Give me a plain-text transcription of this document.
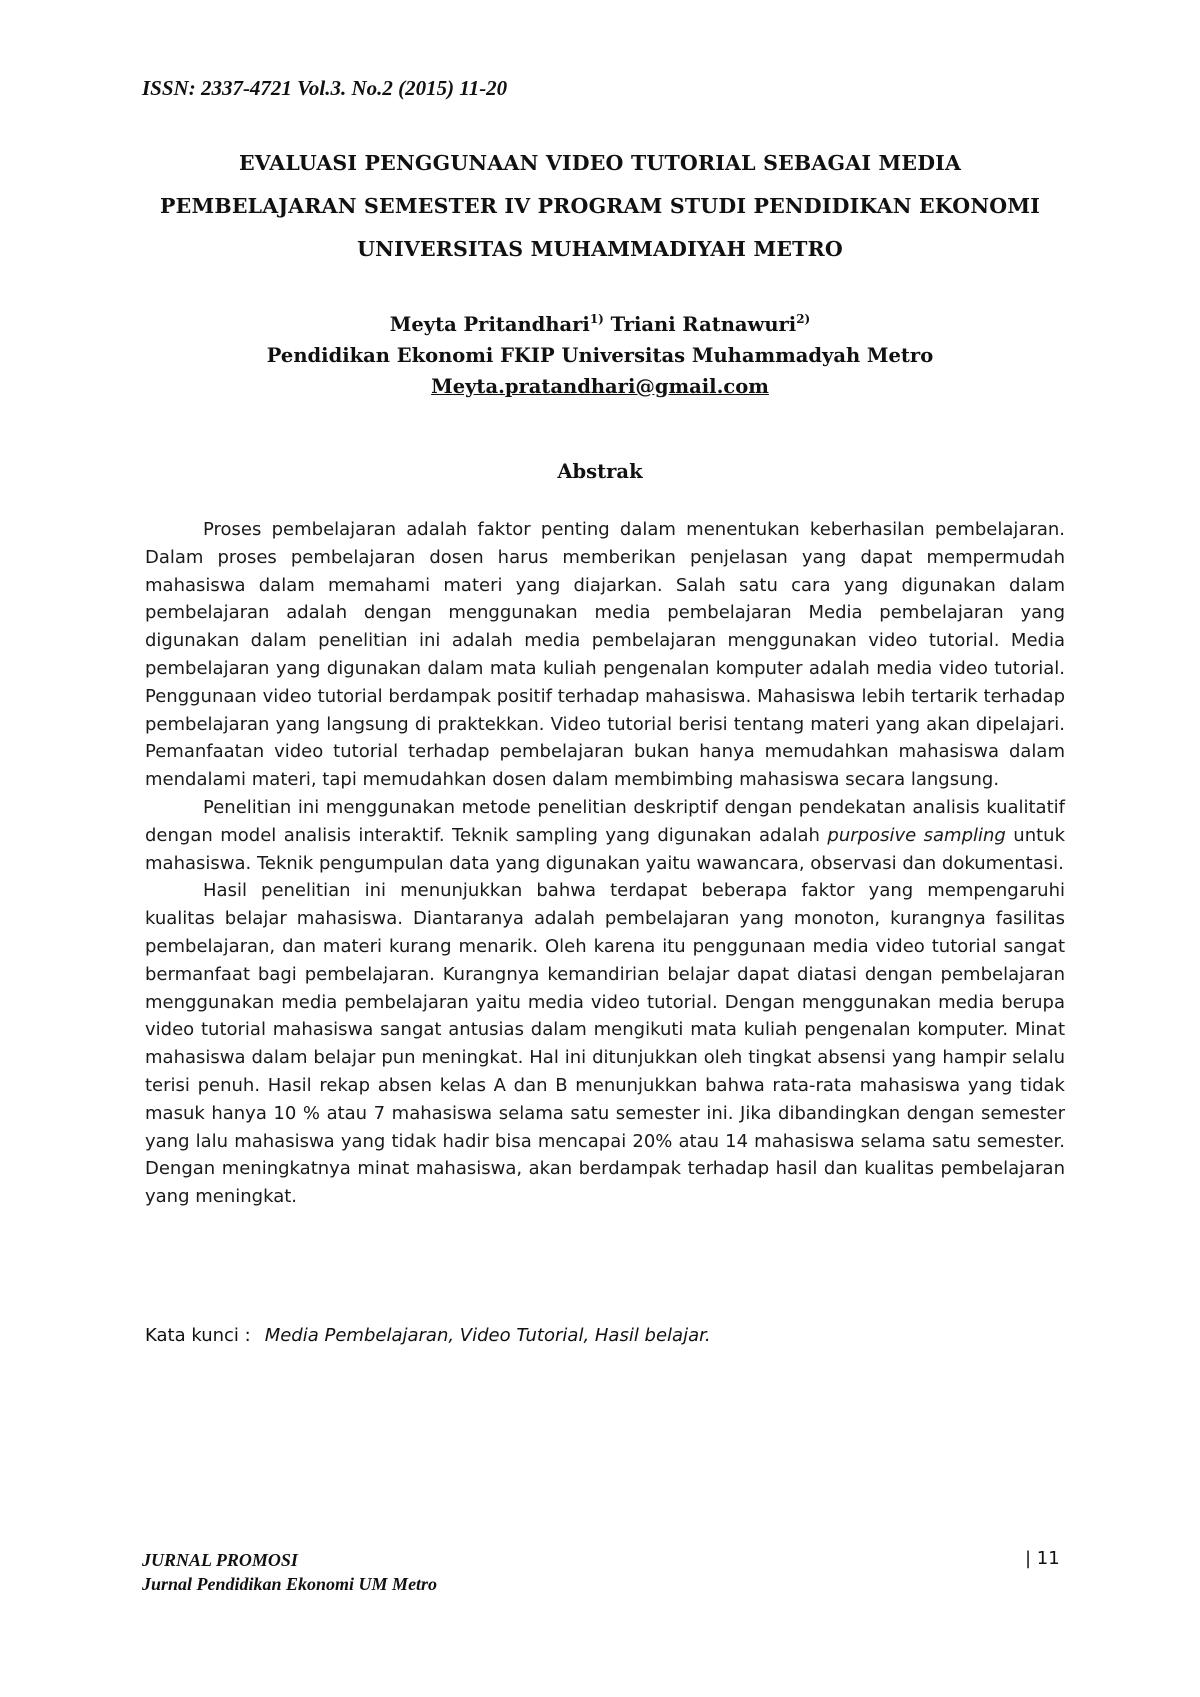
ISSN: 2337-4721 Vol.3. No.2 (2015) 11-20
EVALUASI PENGGUNAAN VIDEO TUTORIAL SEBAGAI MEDIA
PEMBELAJARAN SEMESTER IV PROGRAM STUDI PENDIDIKAN EKONOMI
UNIVERSITAS MUHAMMADIYAH METRO
Meyta Pritandhari$^{1)}$ Triani Ratnawuri$^{2)}$
Pendidikan Ekonomi FKIP Universitas Muhammadyah Metro
Meyta.pratandhari@gmail.com
Abstrak

Proses pembelajaran adalah faktor penting dalam menentukan keberhasilan pembelajaran. Dalam proses pembelajaran dosen harus memberikan penjelasan yang dapat mempermudah mahasiswa dalam memahami materi yang diajarkan. Salah satu cara yang digunakan dalam pembelajaran adalah dengan menggunakan media pembelajaran Media pembelajaran yang digunakan dalam penelitian ini adalah media pembelajaran menggunakan video tutorial. Media pembelajaran yang digunakan dalam mata kuliah pengenalan komputer adalah media video tutorial. Penggunaan video tutorial berdampak positif terhadap mahasiswa. Mahasiswa lebih tertarik terhadap pembelajaran yang langsung di praktekkan. Video tutorial berisi tentang materi yang akan dipelajari. Pemanfaatan video tutorial terhadap pembelajaran bukan hanya memudahkan mahasiswa dalam mendalami materi, tapi memudahkan dosen dalam membimbing mahasiswa secara langsung.

Penelitian ini menggunakan metode penelitian deskriptif dengan pendekatan analisis kualitatif dengan model analisis interaktif. Teknik sampling yang digunakan adalah purposive sampling untuk mahasiswa. Teknik pengumpulan data yang digunakan yaitu wawancara, observasi dan dokumentasi.

Hasil penelitian ini menunjukkan bahwa terdapat beberapa faktor yang mempengaruhi kualitas belajar mahasiswa. Diantaranya adalah pembelajaran yang monoton, kurangnya fasilitas pembelajaran, dan materi kurang menarik. Oleh karena itu penggunaan media video tutorial sangat bermanfaat bagi pembelajaran. Kurangnya kemandirian belajar dapat diatasi dengan pembelajaran menggunakan media pembelajaran yaitu media video tutorial. Dengan menggunakan media berupa video tutorial mahasiswa sangat antusias dalam mengikuti mata kuliah pengenalan komputer. Minat mahasiswa dalam belajar pun meningkat. Hal ini ditunjukkan oleh tingkat absensi yang hampir selalu terisi penuh. Hasil rekap absen kelas A dan B menunjukkan bahwa rata-rata mahasiswa yang tidak masuk hanya 10 % atau 7 mahasiswa selama satu semester ini. Jika dibandingkan dengan semester yang lalu mahasiswa yang tidak hadir bisa mencapai 20% atau 14 mahasiswa selama satu semester. Dengan meningkatnya minat mahasiswa, akan berdampak terhadap hasil dan kualitas pembelajaran yang meningkat.

Kata kunci : Media Pembelajaran, Video Tutorial, Hasil belajar.
JURNAL PROMOSI
Jurnal Pendidikan Ekonomi UM Metro
| 11
